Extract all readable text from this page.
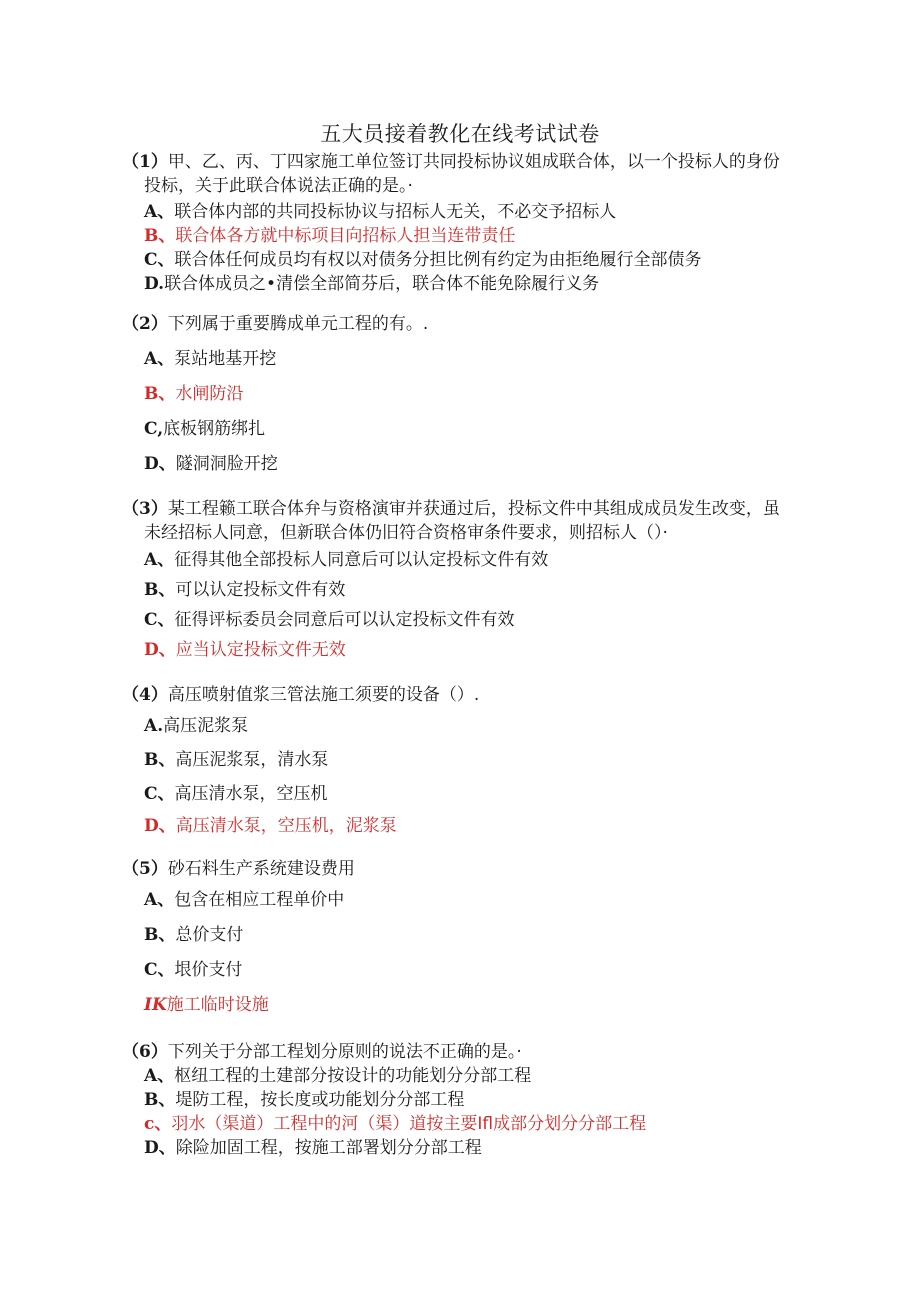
五大员接着教化在线考试试卷
（1）甲、乙、丙、丁四家施工单位签订共同投标协议姐成联合体，以一个投标人的身份
投标，关于此联合体说法正确的是。·
A、联合体内部的共同投标协议与招标人无关，不必交予招标人
B、联合体各方就中标项目向招标人担当连带责任
C、联合体任何成员均有权以对债务分担比例有约定为由拒绝履行全部债务
D.联合体成员之•清偿全部简芬后，联合体不能免除履行义务
（2）下列属于重要腾成单元工程的有。.
A、泵站地基开挖
B、水闸防沿
C,底板钢筋绑扎
D、隧洞洞脸开挖
（3）某工程籁工联合体弁与资格演审并获通过后，投标文件中其组成成员发生改变，虽
未经招标人同意，但新联合体仍旧符合资格审条件要求，则招标人（）·
A、征得其他全部投标人同意后可以认定投标文件有效
B、可以认定投标文件有效
C、征得评标委员会同意后可以认定投标文件有效
D、应当认定投标文件无效
（4）高压喷射值浆三管法施工须要的设备（）.
A.高压泥浆泵
B、高压泥浆泵，清水泵
C、高压清水泵，空压机
D、高压清水泵，空压机，泥浆泵
（5）砂石料生产系统建设费用
A、包含在相应工程单价中
B、总价支付
C、垠价支付
IK施工临时设施
（6）下列关于分部工程划分原则的说法不正确的是。·
A、枢纽工程的土建部分按设计的功能划分分部工程
B、堤防工程，按长度或功能划分分部工程
c、羽水（渠道）工程中的河（渠）道按主要Ifl成部分划分分部工程
D、除险加固工程，按施工部署划分分部工程
